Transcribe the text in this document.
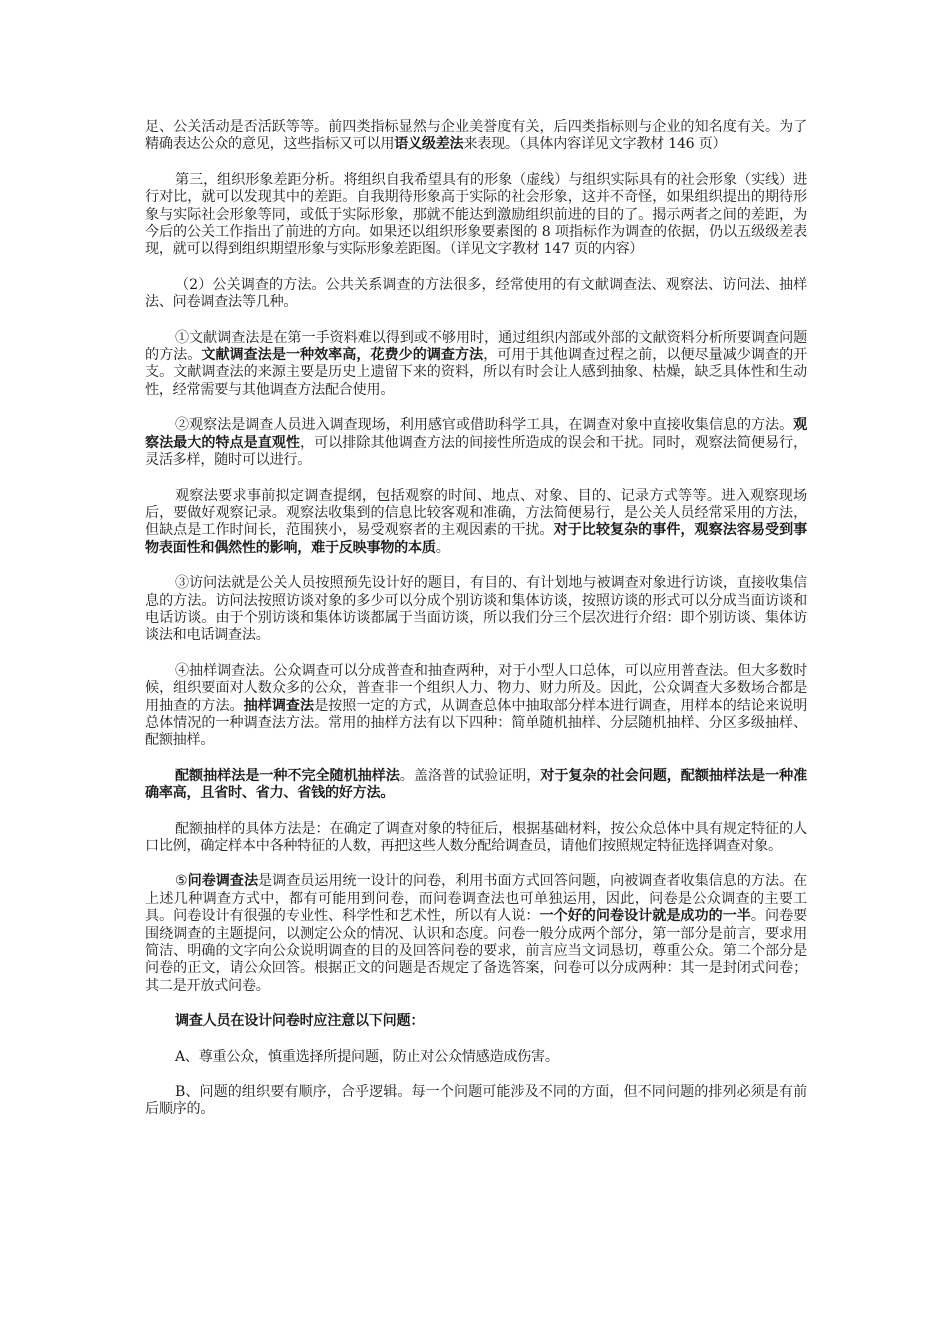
足、公关活动是否活跃等等。前四类指标显然与企业美誉度有关，后四类指标则与企业的知名度有关。为了精确表达公众的意见，这些指标又可以用语义级差法来表现。（具体内容详见文字教材 146 页）

第三，组织形象差距分析。将组织自我希望具有的形象（虚线）与组织实际具有的社会形象（实线）进行对比，就可以发现其中的差距。自我期待形象高于实际的社会形象，这并不奇怪，如果组织提出的期待形象与实际社会形象等同，或低于实际形象，那就不能达到激励组织前进的目的了。揭示两者之间的差距，为今后的公关工作指出了前进的方向。如果还以组织形象要素图的 8 项指标作为调查的依据，仍以五级级差表现，就可以得到组织期望形象与实际形象差距图。（详见文字教材 147 页的内容）

（2）公关调查的方法。公共关系调查的方法很多，经常使用的有文献调查法、观察法、访问法、抽样法、问卷调查法等几种。

①文献调查法是在第一手资料难以得到或不够用时，通过组织内部或外部的文献资料分析所要调查问题的方法。文献调查法是一种效率高，花费少的调查方法，可用于其他调查过程之前，以便尽量减少调查的开支。文献调查法的来源主要是历史上遗留下来的资料，所以有时会让人感到抽象、枯燥，缺乏具体性和生动性，经常需要与其他调查方法配合使用。

②观察法是调查人员进入调查现场，利用感官或借助科学工具，在调查对象中直接收集信息的方法。观察法最大的特点是直观性，可以排除其他调查方法的间接性所造成的误会和干扰。同时，观察法简便易行，灵活多样，随时可以进行。

观察法要求事前拟定调查提纲，包括观察的时间、地点、对象、目的、记录方式等等。进入观察现场后，要做好观察记录。观察法收集到的信息比较客观和准确，方法简便易行，是公关人员经常采用的方法，但缺点是工作时间长，范围狭小，易受观察者的主观因素的干扰。对于比较复杂的事件，观察法容易受到事物表面性和偶然性的影响，难于反映事物的本质。

③访问法就是公关人员按照预先设计好的题目，有目的、有计划地与被调查对象进行访谈，直接收集信息的方法。访问法按照访谈对象的多少可以分成个别访谈和集体访谈，按照访谈的形式可以分成当面访谈和电话访谈。由于个别访谈和集体访谈都属于当面访谈，所以我们分三个层次进行介绍：即个别访谈、集体访谈法和电话调查法。

④抽样调查法。公众调查可以分成普查和抽查两种，对于小型人口总体，可以应用普查法。但大多数时候，组织要面对人数众多的公众，普查非一个组织人力、物力、财力所及。因此，公众调查大多数场合都是用抽查的方法。抽样调查法是按照一定的方式，从调查总体中抽取部分样本进行调查，用样本的结论来说明总体情况的一种调查法方法。常用的抽样方法有以下四种：简单随机抽样、分层随机抽样、分区多级抽样、配额抽样。

配额抽样法是一种不完全随机抽样法。盖洛普的试验证明，对于复杂的社会问题，配额抽样法是一种准确率高，且省时、省力、省钱的好方法。

配额抽样的具体方法是：在确定了调查对象的特征后，根据基础材料，按公众总体中具有规定特征的人口比例，确定样本中各种特征的人数，再把这些人数分配给调查员，请他们按照规定特征选择调查对象。

⑤问卷调查法是调查员运用统一设计的问卷，利用书面方式回答问题，向被调查者收集信息的方法。在上述几种调查方式中，都有可能用到问卷，而问卷调查法也可单独运用，因此，问卷是公众调查的主要工具。问卷设计有很强的专业性、科学性和艺术性，所以有人说：一个好的问卷设计就是成功的一半。问卷要围绕调查的主题提问，以测定公众的情况、认识和态度。问卷一般分成两个部分，第一部分是前言，要求用简洁、明确的文字向公众说明调查的目的及回答问卷的要求，前言应当文词恳切，尊重公众。第二个部分是问卷的正文，请公众回答。根据正文的问题是否规定了备选答案，问卷可以分成两种：其一是封闭式问卷；其二是开放式问卷。

调查人员在设计问卷时应注意以下问题：

A、尊重公众，慎重选择所提问题，防止对公众情感造成伤害。

B、问题的组织要有顺序，合乎逻辑。每一个问题可能涉及不同的方面，但不同问题的排列必须是有前后顺序的。
